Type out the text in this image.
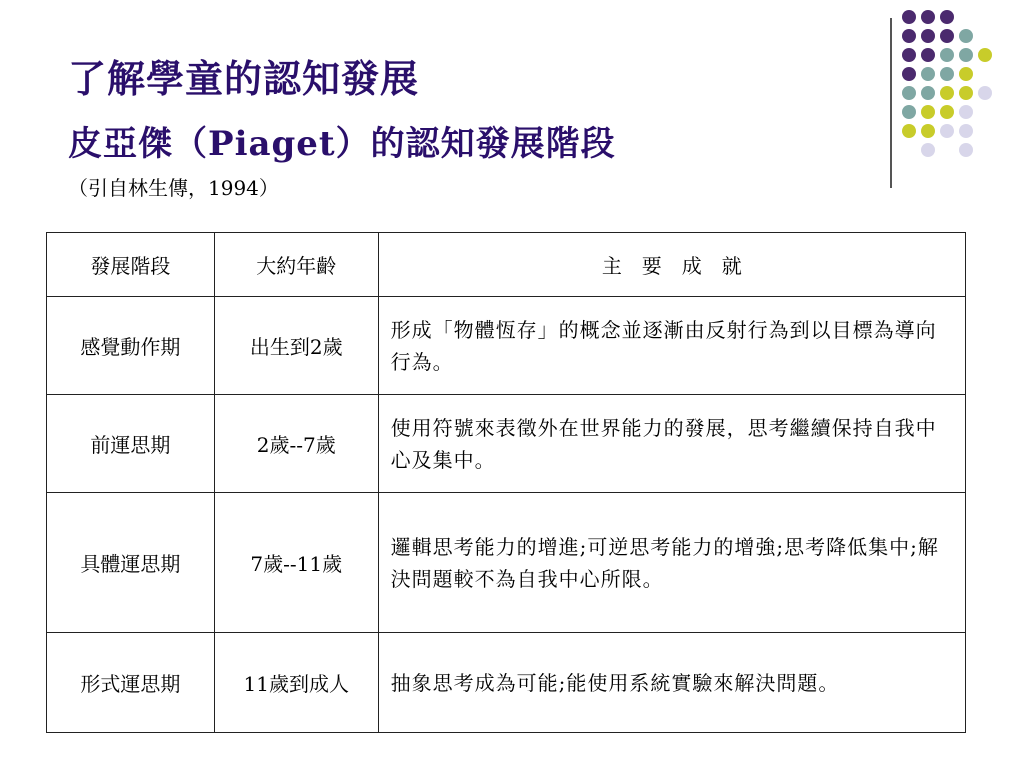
了解學童的認知發展
皮亞傑（Piaget）的認知發展階段
（引自林生傳，1994）
發展階段	大約年齡	主　要　成　就
感覺動作期	出生到2歲	形成「物體恆存」的概念並逐漸由反射行為到以目標為導向行為。
前運思期	2歲--7歲	使用符號來表徵外在世界能力的發展，思考繼續保持自我中心及集中。
具體運思期	7歲--11歲	邏輯思考能力的增進;可逆思考能力的增強;思考降低集中;解決問題較不為自我中心所限。
形式運思期	11歲到成人	抽象思考成為可能;能使用系統實驗來解決問題。
